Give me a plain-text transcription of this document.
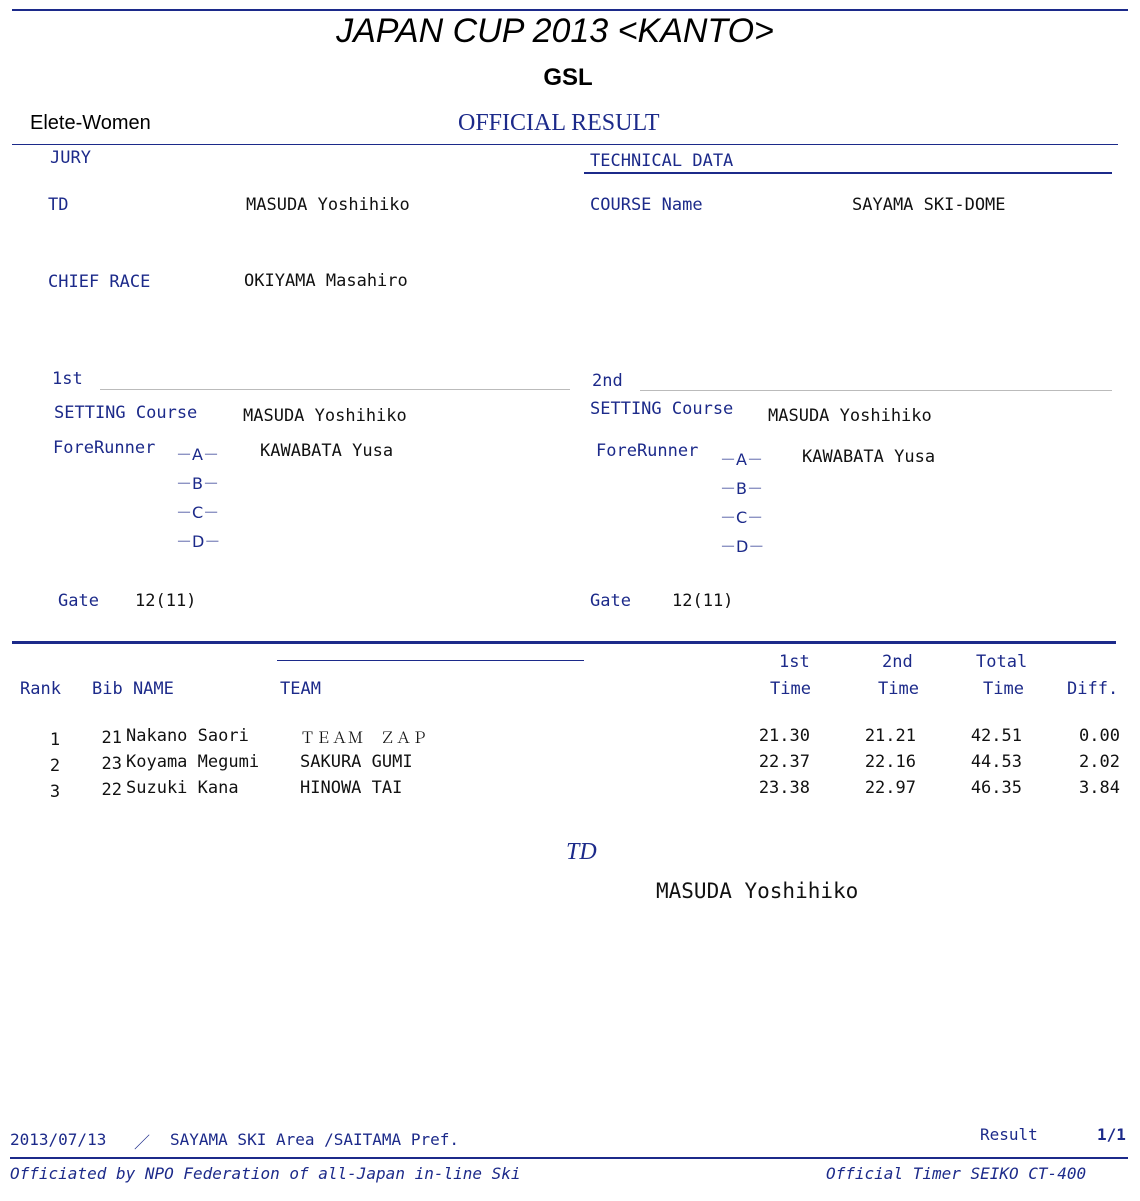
JAPAN CUP 2013 <KANTO>
GSL
Elete-Women	OFFICIAL RESULT
JURY	TECHNICAL DATA
TD	MASUDA Yoshihiko	COURSE Name	SAYAMA SKI-DOME
CHIEF RACE	OKIYAMA Masahiro
1st
SETTING Course	MASUDA Yoshihiko
ForeRunner －A－ KAWABATA Yusa
－B－
－C－
－D－
Gate 12(11)
2nd
SETTING Course MASUDA Yoshihiko
ForeRunner －A－ KAWABATA Yusa
－B－
－C－
－D－
Gate 12(11)
Rank Bib NAME	TEAM
1st
Time
2nd
Time
Total
Time	Diff.
1	21 Nakano Saori	ＴＥＡＭ　ＺＡＰ	21.30	21.21	42.51	0.00
2	23 Koyama Megumi	SAKURA GUMI	22.37	22.16	44.53	2.02
3	22 Suzuki Kana	HINOWA TAI	23.38	22.97	46.35	3.84
TD
MASUDA Yoshihiko
2013/07/13 ／ SAYAMA SKI Area /SAITAMA Pref.	Result	1/1
Officiated by NPO Federation of all-Japan in-line Ski	Official Timer SEIKO CT-400
